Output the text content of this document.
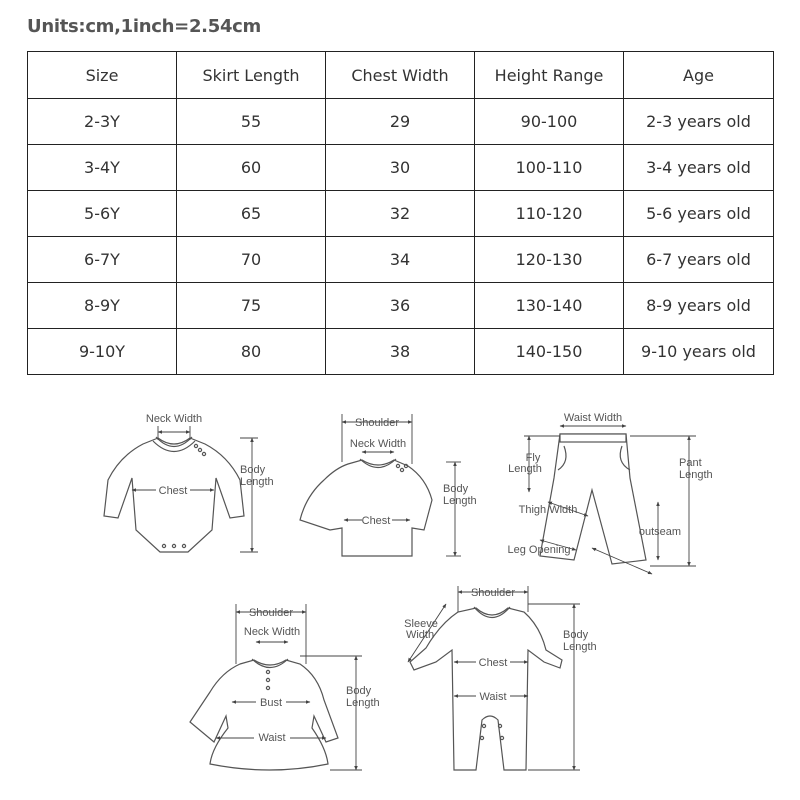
Units:cm,1inch=2.54cm
Size	Skirt Length	Chest Width	Height Range	Age
2-3Y	55	29	90-100	2-3 years old
3-4Y	60	30	100-110	3-4 years old
5-6Y	65	32	110-120	5-6 years old
6-7Y	70	34	120-130	6-7 years old
8-9Y	75	36	130-140	8-9 years old
9-10Y	80	38	140-150	9-10 years old
Neck Width
Chest
Body
Length
Shoulder
Neck Width
Chest
Body
Length
Waist Width
Fly
Length	Pant
Length
Thigh Width
outseam
Leg Opening
Shoulder
Neck Width
Bust
Waist
Body
Length
Shoulder
Sleeve
Width
Chest
Waist
Body
Length
